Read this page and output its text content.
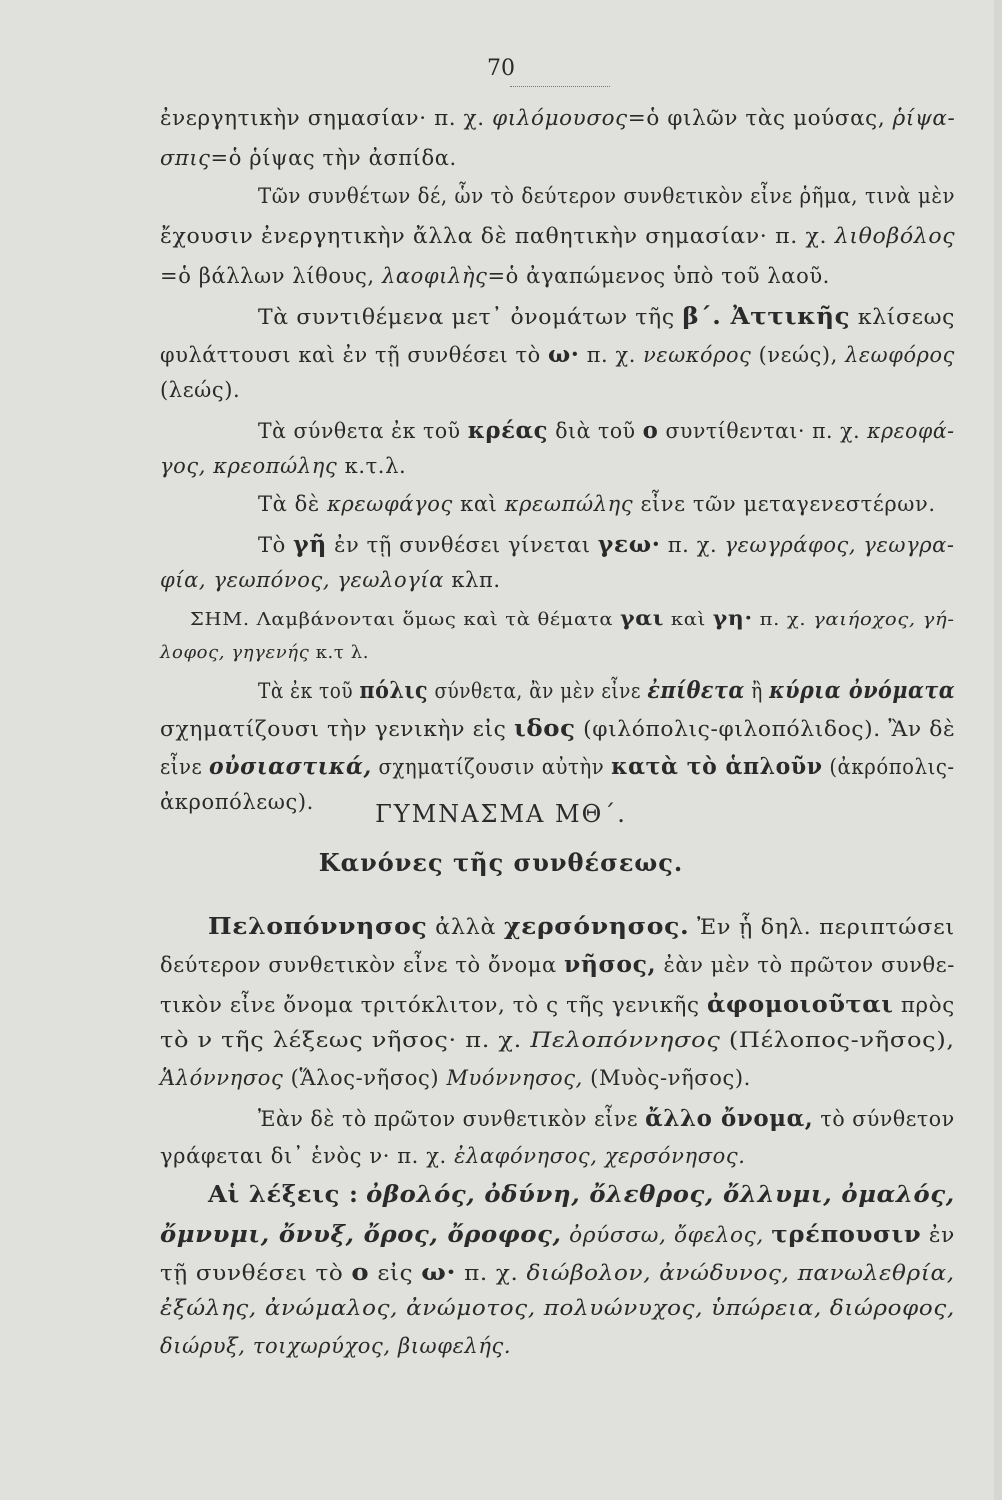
70
ἐνεργητικὴν σημασίαν· π. χ. φιλόμουσος=ὁ φιλῶν τὰς μούσας, ῥίψα-
σπις=ὁ ῥίψας τὴν ἀσπίδα.
Τῶν συνθέτων δέ, ὧν τὸ δεύτερον συνθετικὸν εἶνε ῥῆμα, τινὰ μὲν
ἔχουσιν ἐνεργητικὴν ἄλλα δὲ παθητικὴν σημασίαν· π. χ. λιθοβόλος
=ὁ βάλλων λίθους, λαοφιλὴς=ὁ ἀγαπώμενος ὑπὸ τοῦ λαοῦ.
Τὰ συντιθέμενα μετ᾽ ὀνομάτων τῆς β΄. Ἀττικῆς κλίσεως
φυλάττουσι καὶ ἐν τῇ συνθέσει τὸ ω· π. χ. νεωκόρος (νεώς), λεωφόρος
(λεώς).
Τὰ σύνθετα ἐκ τοῦ κρέας διὰ τοῦ ο συντίθενται· π. χ. κρεοφά-
γος, κρεοπώλης κ.τ.λ.
Τὰ δὲ κρεωφάγος καὶ κρεωπώλης εἶνε τῶν μεταγενεστέρων.
Τὸ γῆ ἐν τῇ συνθέσει γίνεται γεω· π. χ. γεωγράφος, γεωγρα-
φία, γεωπόνος, γεωλογία κλπ.
ΣΗΜ. Λαμβάνονται ὅμως καὶ τὰ θέματα γαι καὶ γη· π. χ. γαιήοχος, γή-
λοφος, γηγενής κ.τ λ.
Τὰ ἐκ τοῦ πόλις σύνθετα, ἂν μὲν εἶνε ἐπίθετα ἢ κύρια ὀνόματα
σχηματίζουσι τὴν γενικὴν εἰς ιδος (φιλόπολις-φιλοπόλιδος). Ἂν δὲ
εἶνε οὐσιαστικά, σχηματίζουσιν αὐτὴν κατὰ τὸ ἁπλοῦν (ἀκρόπολις-
ἀκροπόλεως).
Πελοπόννησος ἀλλὰ χερσόνησος. Ἐν ᾗ δηλ. περιπτώσει
δεύτερον συνθετικὸν εἶνε τὸ ὄνομα νῆσος, ἐὰν μὲν τὸ πρῶτον συνθε-
τικὸν εἶνε ὄνομα τριτόκλιτον, τὸ ς τῆς γενικῆς ἀφομοιοῦται πρὸς
τὸ ν τῆς λέξεως νῆσος· π. χ. Πελοπόννησος (Πέλοπος-νῆσος),
Ἁλόννησος (Ἅλος-νῆσος) Μυόννησος, (Μυὸς-νῆσος).
Ἐὰν δὲ τὸ πρῶτον συνθετικὸν εἶνε ἄλλο ὄνομα, τὸ σύνθετον
γράφεται δι᾽ ἑνὸς ν· π. χ. ἐλαφόνησος, χερσόνησος.
Αἱ λέξεις : ὀβολός, ὀδύνη, ὄλεθρος, ὄλλυμι, ὀμαλός,
ὄμνυμι, ὄνυξ, ὄρος, ὄροφος, ὀρύσσω, ὄφελος, τρέπουσιν ἐν
τῇ συνθέσει τὸ ο εἰς ω· π. χ. διώβολον, ἀνώδυνος, πανωλεθρία,
ἐξώλης, ἀνώμαλος, ἀνώμοτος, πολυώνυχος, ὑπώρεια, διώροφος,
διώρυξ, τοιχωρύχος, βιωφελής.
ΓΥΜΝΑΣΜΑ ΜΘ΄.
Κανόνες τῆς συνθέσεως.
